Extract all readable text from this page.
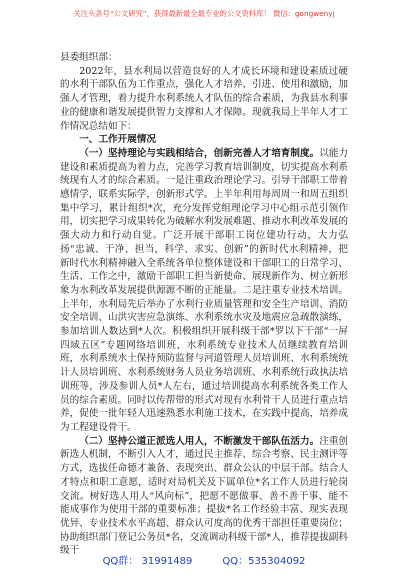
关注头条号“公文研究”，获得最新最全最专业的公文资料库！ 微信：gongwenyj

县委组织部：

2022年，县水利局以营造良好的人才成长环境和建设素质过硬的水利干部队伍为工作重点，强化人才培养、引进、使用和激励，加强人才管理，着力提升水利系统人才队伍的综合素质，为我县水利事业的健康和谐发展提供智力支撑和人才保障。现就我局上半年人才工作情况总结如下：

一、工作开展情况

（一）坚持理论与实践相结合，创新完善人才培育制度。以能力建设和素质提高为着力点，完善学习教育培训制度，切实提高水利系统现有人才的综合素质。一是注重政治理论学习。引导干部职工带着感情学，联系实际学，创新形式学。上半年利用每周周一和周五组织集中学习，累计组织*次，充分发挥党组理论学习中心组示范引领作用，切实把学习成果转化为破解水利发展难题、推动水利改革发展的强大动力和行动自觉。广泛开展干部职工岗位建功行动，大力弘扬“忠诚、干净、担当，科学、求实、创新”的新时代水利精神，把新时代水利精神融入全系统各单位整体建设和干部职工的日常学习、生活、工作之中，激励干部职工担当新使命、展现新作为、树立新形象为水利改革发展提供源源不断的正能量。二是注重专业技术培训。上半年，水利局先后举办了水利行业质量管理和安全生产培训、消防安全培训、山洪灾害应急演练、水利系统水灾及地震应急疏散演练，参加培训人数达到*人次。积极组织开展科级干部*罗以下干部“一屏四域五区”专题网络培训班，水利系统专业技术人员继续教育培训班，水利系统水土保持预防监督与河道管理人员培训班、水利系统统计人员培训班、水利系统财务人员业务培训班、水利系统行政执法培训班等，涉及参训人员*人左右，通过培训提高水利系统各类工作人员的综合素质。同时以传帮带的形式对现有水利骨干人员进行重点培养，促使一批年轻人迅速熟悉水利施工技术，在实践中提高，培养成为工程建设骨干。

（二）坚持公道正派选人用人，不断激发干部队伍活力。注重创新选人机制，不断引入人才，通过民主推荐、综合考察、民主测评等方式，选拔任命德才兼备、表现突出、群众公认的中层干部。结合人才特点和职工意愿，适时对局机关及下属单位*名工作人员进行轮岗交流。树好选人用人“风向标”，把愿不愿做事、善不善干事、能不能成事作为使用干部的重要标准；提拔*名工作经验丰富、现实表现优异、专业技术水平高超、群众认可度高的优秀干部担任重要岗位；协助组织部门登记公务员*名，交流调动科级干部*人，推荐提拔副科级干

QQ群： 31991489	QQ：535304092
